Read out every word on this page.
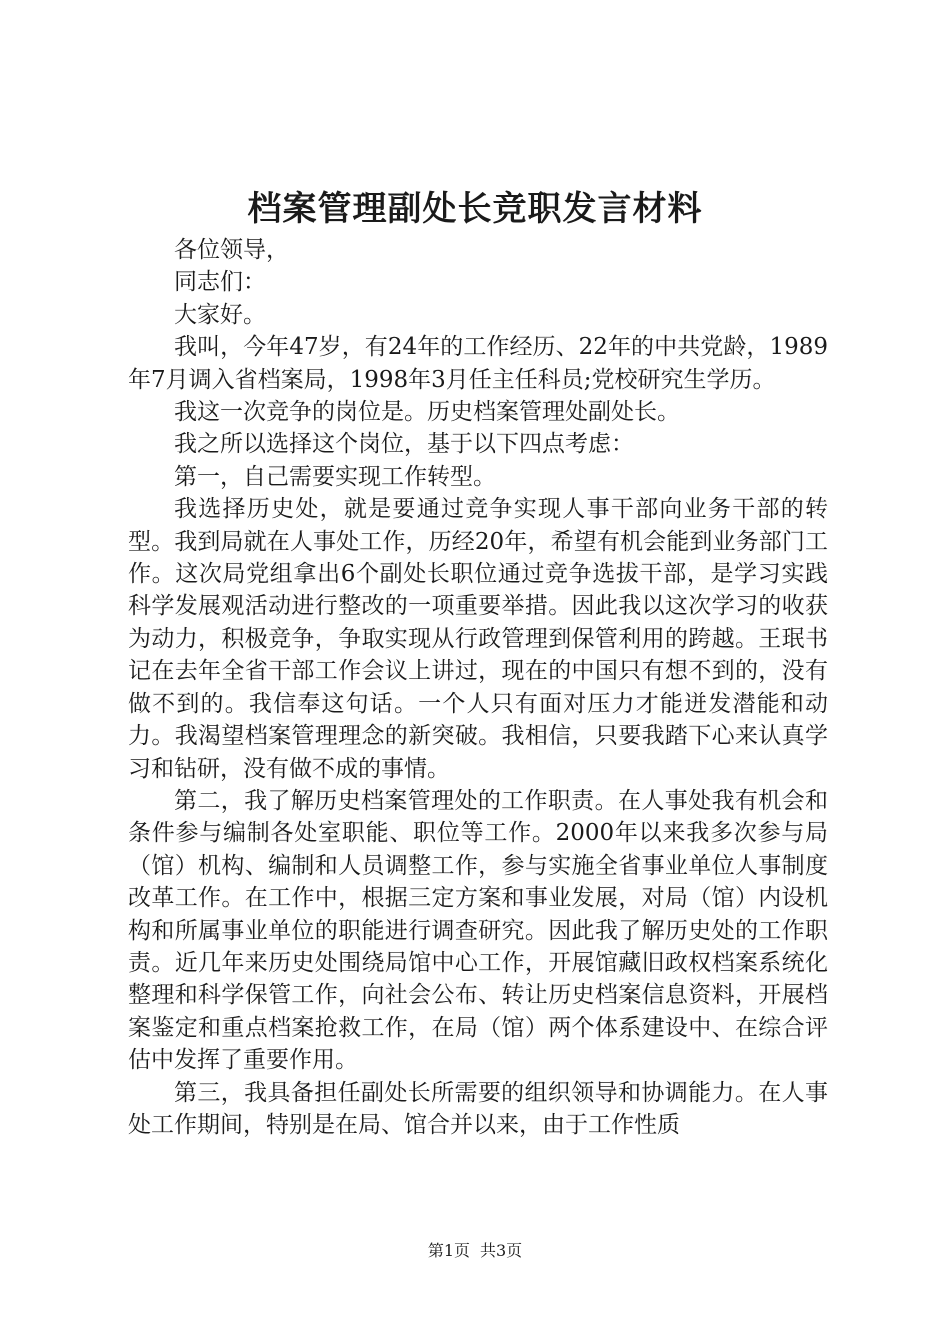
档案管理副处长竞职发言材料

各位领导，

同志们：

大家好。

我叫，今年47岁，有24年的工作经历、22年的中共党龄，1989年7月调入省档案局，1998年3月任主任科员;党校研究生学历。

我这一次竞争的岗位是。历史档案管理处副处长。

我之所以选择这个岗位，基于以下四点考虑：

第一，自己需要实现工作转型。

我选择历史处，就是要通过竞争实现人事干部向业务干部的转型。我到局就在人事处工作，历经20年，希望有机会能到业务部门工作。这次局党组拿出6个副处长职位通过竞争选拔干部，是学习实践科学发展观活动进行整改的一项重要举措。因此我以这次学习的收获为动力，积极竞争，争取实现从行政管理到保管利用的跨越。王珉书记在去年全省干部工作会议上讲过，现在的中国只有想不到的，没有做不到的。我信奉这句话。一个人只有面对压力才能迸发潜能和动力。我渴望档案管理理念的新突破。我相信，只要我踏下心来认真学习和钻研，没有做不成的事情。

第二，我了解历史档案管理处的工作职责。在人事处我有机会和条件参与编制各处室职能、职位等工作。2000年以来我多次参与局（馆）机构、编制和人员调整工作，参与实施全省事业单位人事制度改革工作。在工作中，根据三定方案和事业发展，对局（馆）内设机构和所属事业单位的职能进行调查研究。因此我了解历史处的工作职责。近几年来历史处围绕局馆中心工作，开展馆藏旧政权档案系统化整理和科学保管工作，向社会公布、转让历史档案信息资料，开展档案鉴定和重点档案抢救工作，在局（馆）两个体系建设中、在综合评估中发挥了重要作用。

第三，我具备担任副处长所需要的组织领导和协调能力。在人事处工作期间，特别是在局、馆合并以来，由于工作性质

第1页 共3页
